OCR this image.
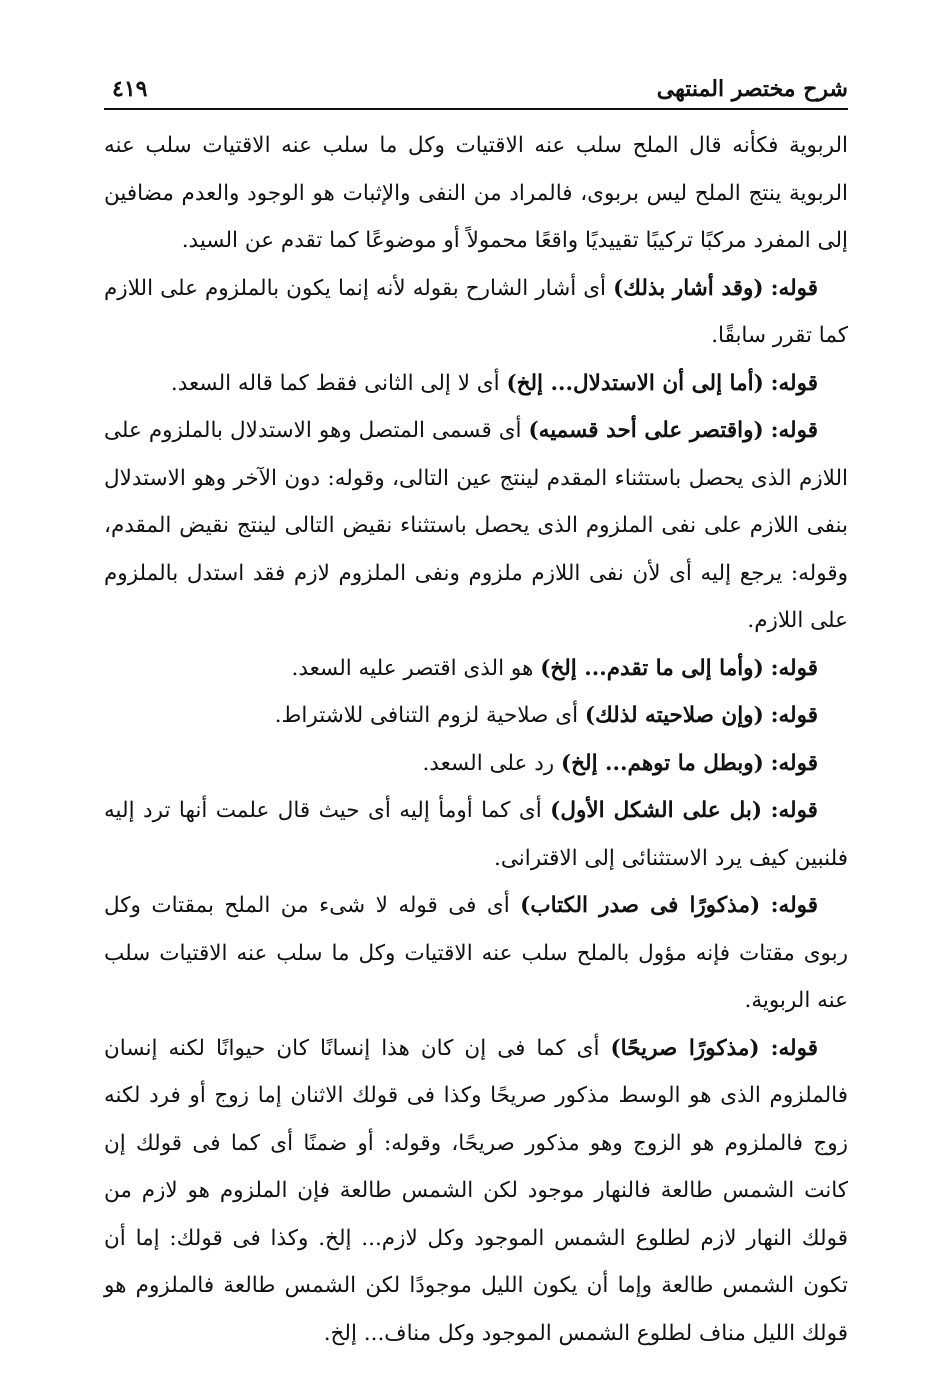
شرح مختصر المنتهى
٤١٩

الربوية فكأنه قال الملح سلب عنه الاقتيات وكل ما سلب عنه الاقتيات سلب عنه الربوية ينتج الملح ليس بربوى، فالمراد من النفى والإثبات هو الوجود والعدم مضافين إلى المفرد مركبًا تركيبًا تقييديًا واقعًا محمولاً أو موضوعًا كما تقدم عن السيد.

قوله: (وقد أشار بذلك) أى أشار الشارح بقوله لأنه إنما يكون بالملزوم على اللازم كما تقرر سابقًا.

قوله: (أما إلى أن الاستدلال... إلخ) أى لا إلى الثانى فقط كما قاله السعد.

قوله: (واقتصر على أحد قسميه) أى قسمى المتصل وهو الاستدلال بالملزوم على اللازم الذى يحصل باستثناء المقدم لينتج عين التالى، وقوله: دون الآخر وهو الاستدلال بنفى اللازم على نفى الملزوم الذى يحصل باستثناء نقيض التالى لينتج نقيض المقدم، وقوله: يرجع إليه أى لأن نفى اللازم ملزوم ونفى الملزوم لازم فقد استدل بالملزوم على اللازم.

قوله: (وأما إلى ما تقدم... إلخ) هو الذى اقتصر عليه السعد.

قوله: (وإن صلاحيته لذلك) أى صلاحية لزوم التنافى للاشتراط.

قوله: (وبطل ما توهم... إلخ) رد على السعد.

قوله: (بل على الشكل الأول) أى كما أومأ إليه أى حيث قال علمت أنها ترد إليه فلنبين كيف يرد الاستثنائى إلى الاقترانى.

قوله: (مذكورًا فى صدر الكتاب) أى فى قوله لا شىء من الملح بمقتات وكل ربوى مقتات فإنه مؤول بالملح سلب عنه الاقتيات وكل ما سلب عنه الاقتيات سلب عنه الربوية.

قوله: (مذكورًا صريحًا) أى كما فى إن كان هذا إنسانًا كان حيوانًا لكنه إنسان فالملزوم الذى هو الوسط مذكور صريحًا وكذا فى قولك الاثنان إما زوج أو فرد لكنه زوج فالملزوم هو الزوج وهو مذكور صريحًا، وقوله: أو ضمنًا أى كما فى قولك إن كانت الشمس طالعة فالنهار موجود لكن الشمس طالعة فإن الملزوم هو لازم من قولك النهار لازم لطلوع الشمس الموجود وكل لازم... إلخ. وكذا فى قولك: إما أن تكون الشمس طالعة وإما أن يكون الليل موجودًا لكن الشمس طالعة فالملزوم هو قولك الليل مناف لطلوع الشمس الموجود وكل مناف... إلخ.
